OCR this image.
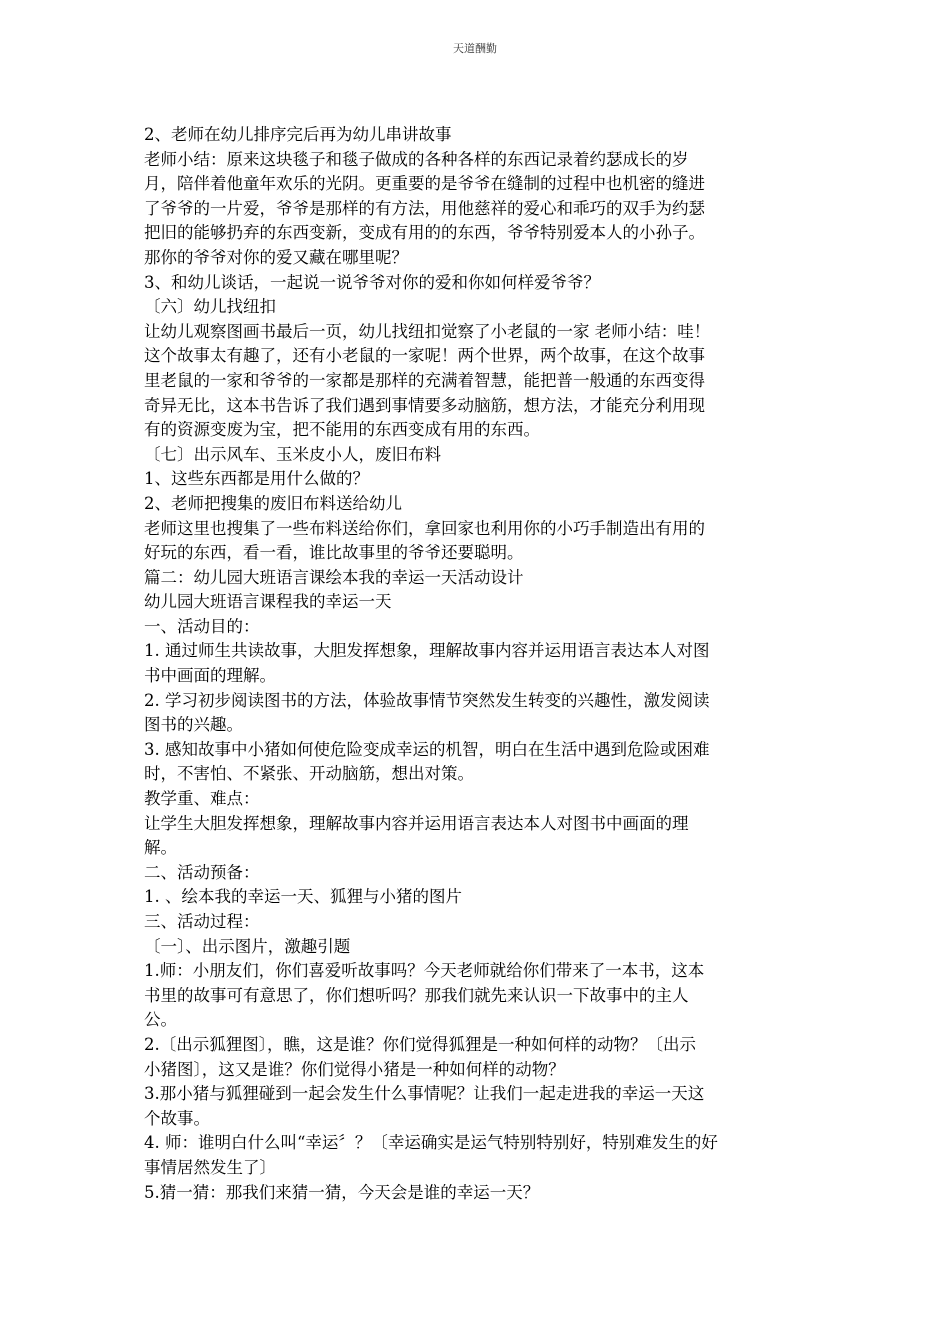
天道酬勤
2、老师在幼儿排序完后再为幼儿串讲故事
老师小结：原来这块毯子和毯子做成的各种各样的东西记录着约瑟成长的岁
月，陪伴着他童年欢乐的光阴。更重要的是爷爷在缝制的过程中也机密的缝进
了爷爷的一片爱，爷爷是那样的有方法，用他慈祥的爱心和乖巧的双手为约瑟
把旧的能够扔弃的东西变新，变成有用的的东西，爷爷特别爱本人的小孙子。
那你的爷爷对你的爱又藏在哪里呢？
3、和幼儿谈话，一起说一说爷爷对你的爱和你如何样爱爷爷？
〔六〕幼儿找纽扣
让幼儿观察图画书最后一页，幼儿找纽扣觉察了小老鼠的一家 老师小结：哇！
这个故事太有趣了，还有小老鼠的一家呢！两个世界，两个故事，在这个故事
里老鼠的一家和爷爷的一家都是那样的充满着智慧，能把普一般通的东西变得
奇异无比，这本书告诉了我们遇到事情要多动脑筋，想方法，才能充分利用现
有的资源变废为宝，把不能用的东西变成有用的东西。
〔七〕出示风车、玉米皮小人，废旧布料
1、这些东西都是用什么做的？
2、老师把搜集的废旧布料送给幼儿
老师这里也搜集了一些布料送给你们，拿回家也利用你的小巧手制造出有用的
好玩的东西，看一看，谁比故事里的爷爷还要聪明。
篇二：幼儿园大班语言课绘本我的幸运一天活动设计
幼儿园大班语言课程我的幸运一天
一、活动目的：
1. 通过师生共读故事，大胆发挥想象，理解故事内容并运用语言表达本人对图
书中画面的理解。
2. 学习初步阅读图书的方法，体验故事情节突然发生转变的兴趣性，激发阅读
图书的兴趣。
3. 感知故事中小猪如何使危险变成幸运的机智，明白在生活中遇到危险或困难
时，不害怕、不紧张、开动脑筋，想出对策。
教学重、难点：
让学生大胆发挥想象，理解故事内容并运用语言表达本人对图书中画面的理
解。
二、活动预备：
1. 、绘本我的幸运一天、狐狸与小猪的图片
三、活动过程：
〔一〕、出示图片，激趣引题
1.师：小朋友们，你们喜爱听故事吗？今天老师就给你们带来了一本书，这本
书里的故事可有意思了，你们想听吗？那我们就先来认识一下故事中的主人
公。
2.〔出示狐狸图〕，瞧，这是谁？你们觉得狐狸是一种如何样的动物？〔出示
小猪图〕，这又是谁？你们觉得小猪是一种如何样的动物？
3.那小猪与狐狸碰到一起会发生什么事情呢？让我们一起走进我的幸运一天这
个故事。
4. 师：谁明白什么叫“幸运〞？〔幸运确实是运气特别特别好，特别难发生的好
事情居然发生了〕
5.猜一猜：那我们来猜一猜，今天会是谁的幸运一天？
